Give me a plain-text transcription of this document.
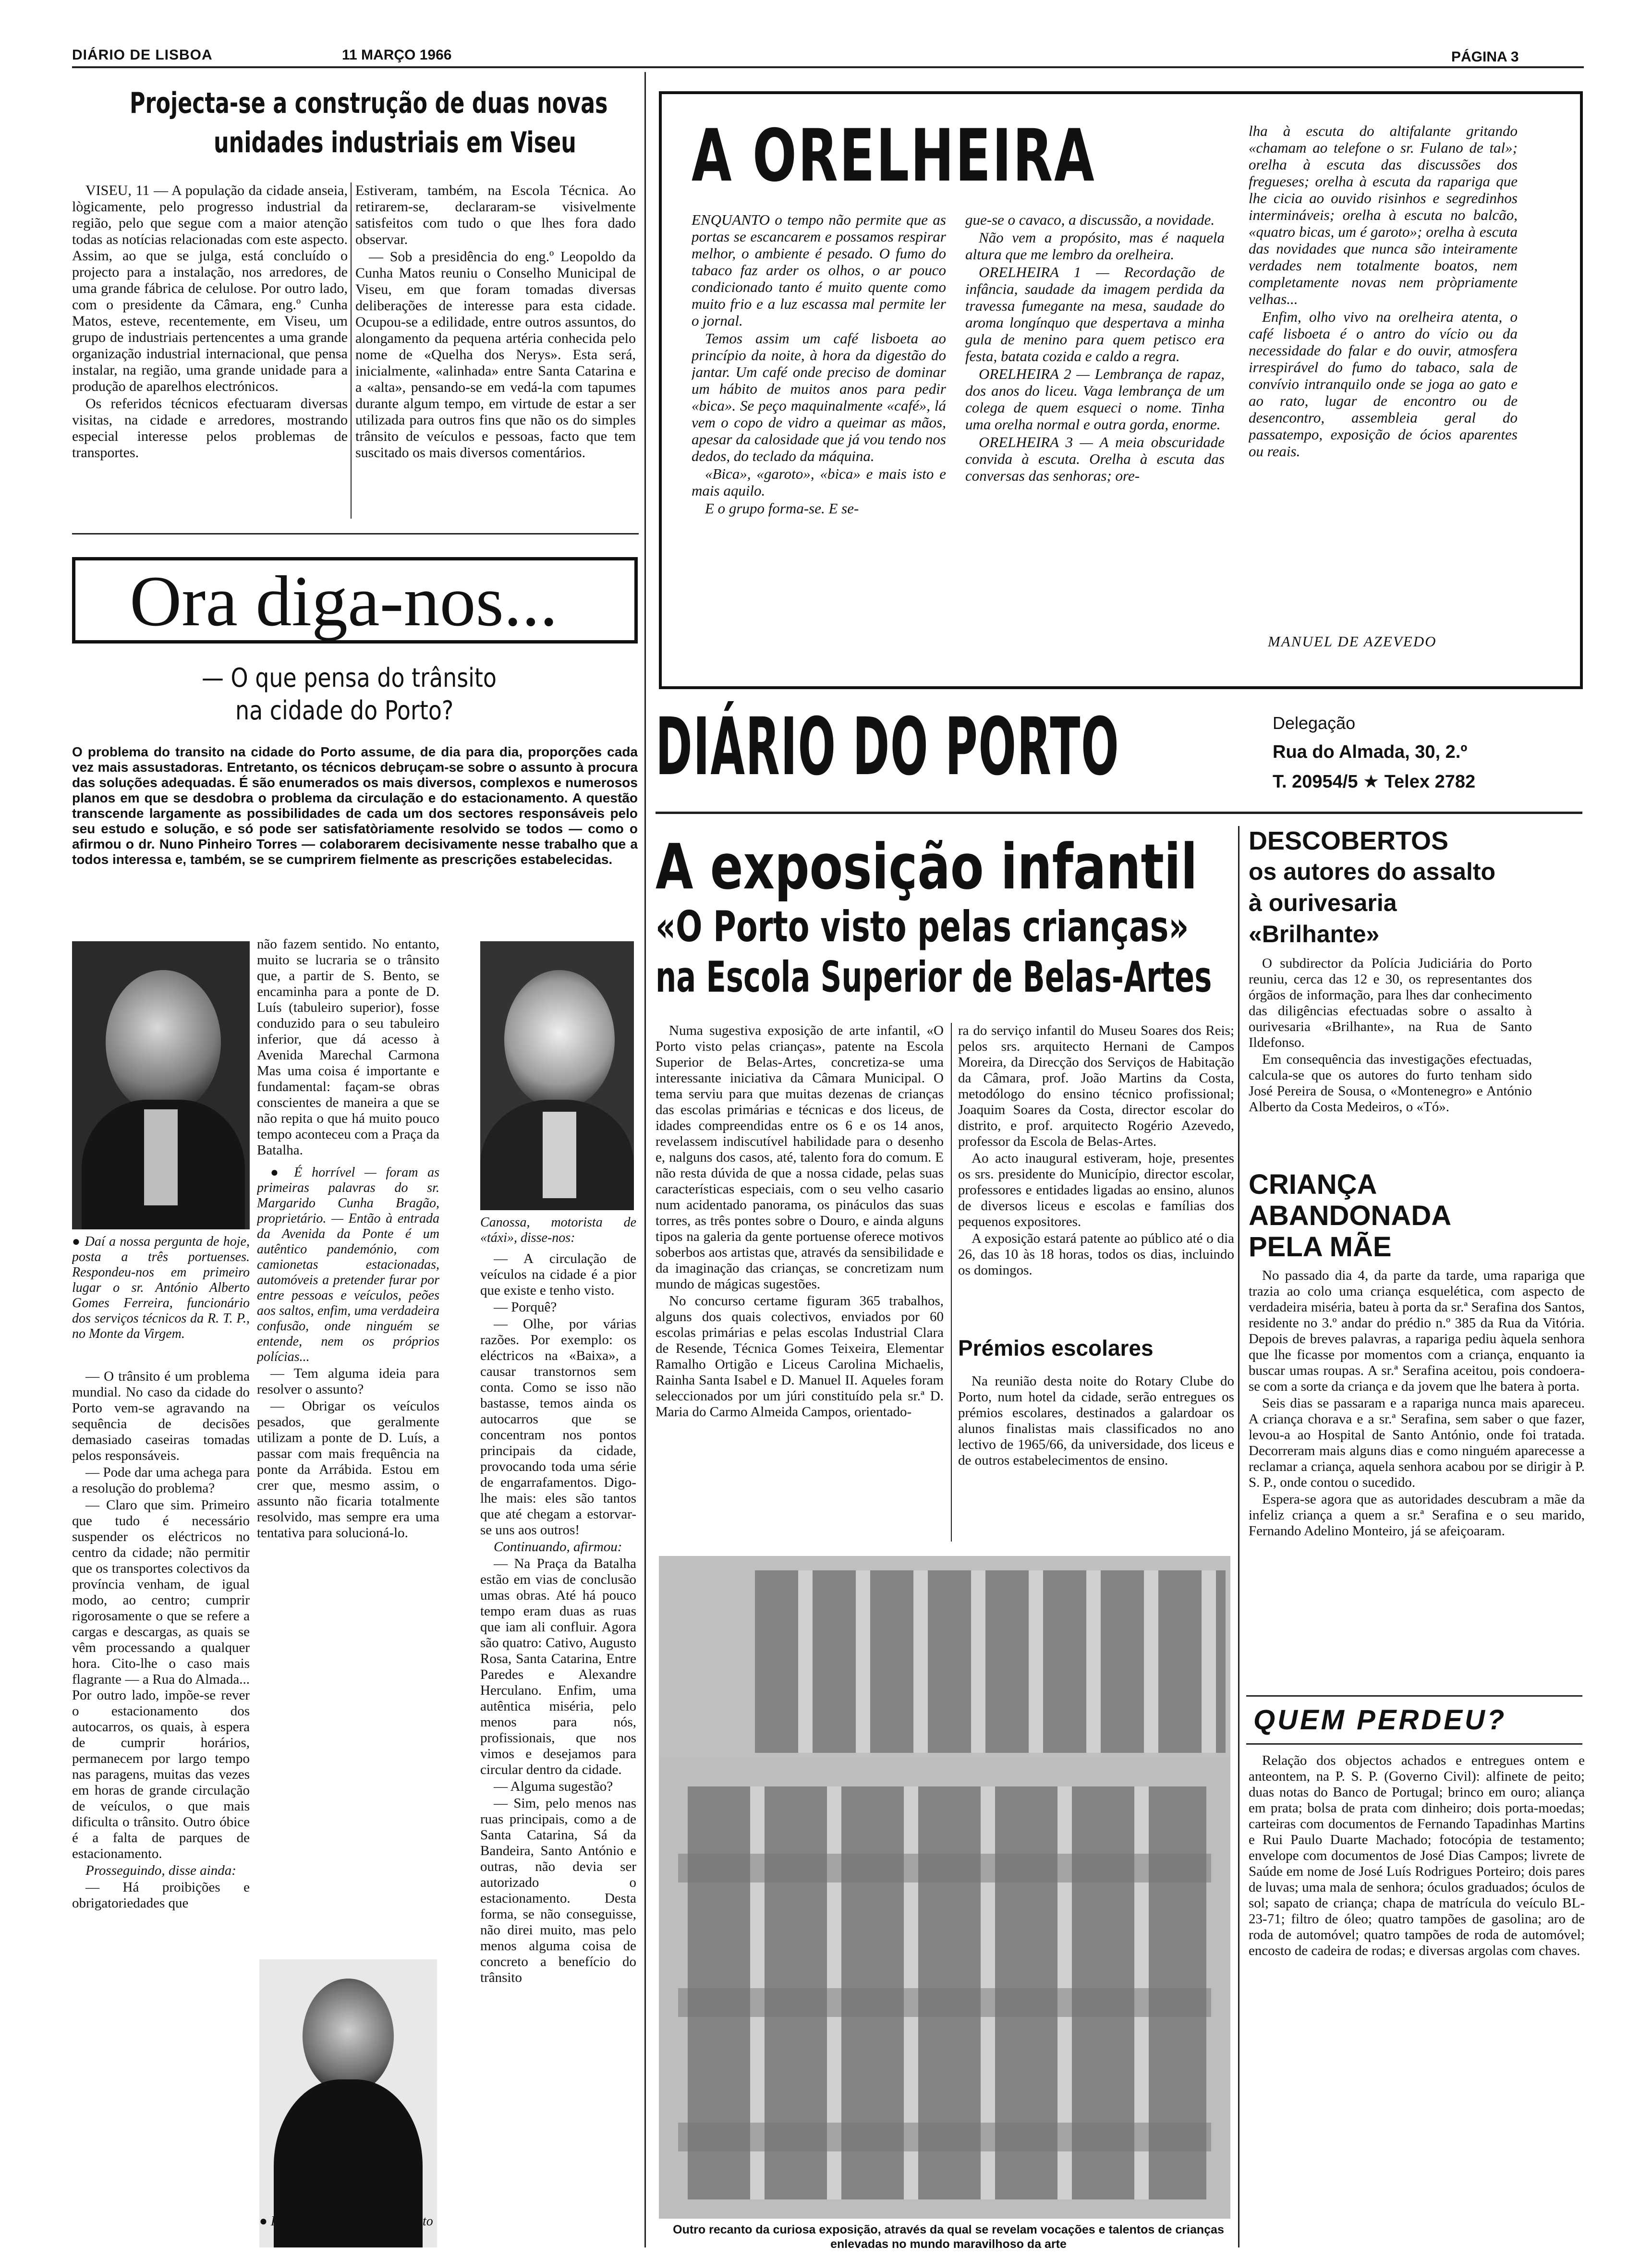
DIÁRIO DE LISBOA	11 MARÇO 1966	PÁGINA 3
Projecta-se a construção de duas novas
unidades industriais em Viseu

VISEU, 11 — A população da cidade anseia, lògicamente, pelo progresso industrial da região, pelo que segue com a maior atenção todas as notícias relacionadas com este aspecto. Assim, ao que se julga, está concluído o projecto para a instalação, nos arredores, de uma grande fábrica de celulose. Por outro lado, com o presidente da Câmara, eng.º Cunha Matos, esteve, recentemente, em Viseu, um grupo de industriais pertencentes a uma grande organização industrial internacional, que pensa instalar, na região, uma grande unidade para a produção de aparelhos electrónicos.

Os referidos técnicos efectuaram diversas visitas, na cidade e arredores, mostrando especial interesse pelos problemas de transportes.

Estiveram, também, na Escola Técnica. Ao retirarem-se, declararam-se visivelmente satisfeitos com tudo o que lhes fora dado observar.

— Sob a presidência do eng.º Leopoldo da Cunha Matos reuniu o Conselho Municipal de Viseu, em que foram tomadas diversas deliberações de interesse para esta cidade. Ocupou-se a edilidade, entre outros assuntos, do alongamento da pequena artéria conhecida pelo nome de «Quelha dos Nerys». Esta será, inicialmente, «alinhada» entre Santa Catarina e a «alta», pensando-se em vedá-la com tapumes durante algum tempo, em virtude de estar a ser utilizada para outros fins que não os do simples trânsito de veículos e pessoas, facto que tem suscitado os mais diversos comentários.

Ora diga-nos...
— O que pensa do trânsito
na cidade do Porto?
O problema do transito na cidade do Porto assume, de dia para dia, proporções cada vez mais assustadoras. Entretanto, os técnicos debruçam-se sobre o assunto à procura das soluções adequadas. É são enumerados os mais diversos, complexos e numerosos planos em que se desdobra o problema da circulação e do estacionamento. A questão transcende largamente as possibilidades de cada um dos sectores responsáveis pelo seu estudo e solução, e só pode ser satisfatòriamente resolvido se todos — como o afirmou o dr. Nuno Pinheiro Torres — colaborarem decisivamente nesse trabalho que a todos interessa e, também, se se cumprirem fielmente as prescrições estabelecidas.
● Daí a nossa pergunta de hoje, posta a três portuenses. Respondeu-nos em primeiro lugar o sr. António Alberto Gomes Ferreira, funcionário dos serviços técnicos da R. T. P., no Monte da Virgem.

— O trânsito é um problema mundial. No caso da cidade do Porto vem-se agravando na sequência de decisões demasiado caseiras tomadas pelos responsáveis.

— Pode dar uma achega para a resolução do problema?

— Claro que sim. Primeiro que tudo é necessário suspender os eléctricos no centro da cidade; não permitir que os transportes colectivos da província venham, de igual modo, ao centro; cumprir rigorosamente o que se refere a cargas e descargas, as quais se vêm processando a qualquer hora. Cito-lhe o caso mais flagrante — a Rua do Almada... Por outro lado, impõe-se rever o estacionamento dos autocarros, os quais, à espera de cumprir horários, permanecem por largo tempo nas paragens, muitas das vezes em horas de grande circulação de veículos, o que mais dificulta o trânsito. Outro óbice é a falta de parques de estacionamento.

Prosseguindo, disse ainda:

— Há proibições e obrigatoriedades que

não fazem sentido. No entanto, muito se lucraria se o trânsito que, a partir de S. Bento, se encaminha para a ponte de D. Luís (tabuleiro superior), fosse conduzido para o seu tabuleiro inferior, que dá acesso à Avenida Marechal Carmona Mas uma coisa é importante e fundamental: façam-se obras conscientes de maneira a que se não repita o que há muito pouco tempo aconteceu com a Praça da Batalha.

● É horrível — foram as primeiras palavras do sr. Margarido Cunha Bragão, proprietário. — Então à entrada da Avenida da Ponte é um autêntico pandemónio, com camionetas estacionadas, automóveis a pretender furar por entre pessoas e veículos, peões aos saltos, enfim, uma verdadeira confusão, onde ninguém se entende, nem os próprios polícias...

— Tem alguma ideia para resolver o assunto?

— Obrigar os veículos pesados, que geralmente utilizam a ponte de D. Luís, a passar com mais frequência na ponte da Arrábida. Estou em crer que, mesmo assim, o assunto não ficaria totalmente resolvido, mas sempre era uma tentativa para solucioná-lo.

Canossa, motorista de «táxi», disse-nos:

— A circulação de veículos na cidade é a pior que existe e tenho visto.

— Porquê?

— Olhe, por várias razões. Por exemplo: os eléctricos na «Baixa», a causar transtornos sem conta. Como se isso não bastasse, temos ainda os autocarros que se concentram nos pontos principais da cidade, provocando toda uma série de engarrafamentos. Digo-lhe mais: eles são tantos que até chegam a estorvar-se uns aos outros!

Continuando, afirmou:

— Na Praça da Batalha estão em vias de conclusão umas obras. Até há pouco tempo eram duas as ruas que iam ali confluir. Agora são quatro: Cativo, Augusto Rosa, Santa Catarina, Entre Paredes e Alexandre Herculano. Enfim, uma autêntica miséria, pelo menos para nós, profissionais, que nos vimos e desejamos para circular dentro da cidade.

— Alguma sugestão?

— Sim, pelo menos nas ruas principais, como a de Santa Catarina, Sá da Bandeira, Santo António e outras, não devia ser autorizado o estacionamento. Desta forma, se não conseguisse, não direi muito, mas pelo menos alguma coisa de concreto a benefício do trânsito

● Por fim, o sr. Rolando Alberto
A ORELHEIRA

ENQUANTO o tempo não permite que as portas se escancarem e possamos respirar melhor, o ambiente é pesado. O fumo do tabaco faz arder os olhos, o ar pouco condicionado tanto é muito quente como muito frio e a luz escassa mal permite ler o jornal.

Temos assim um café lisboeta ao princípio da noite, à hora da digestão do jantar. Um café onde preciso de dominar um hábito de muitos anos para pedir «bica». Se peço maquinalmente «café», lá vem o copo de vidro a queimar as mãos, apesar da calosidade que já vou tendo nos dedos, do teclado da máquina.

«Bica», «garoto», «bica» e mais isto e mais aquilo.

E o grupo forma-se. E se-

gue-se o cavaco, a discussão, a novidade.

Não vem a propósito, mas é naquela altura que me lembro da orelheira.

ORELHEIRA 1 — Recordação de infância, saudade da imagem perdida da travessa fumegante na mesa, saudade do aroma longínquo que despertava a minha gula de menino para quem petisco era festa, batata cozida e caldo a regra.

ORELHEIRA 2 — Lembrança de rapaz, dos anos do liceu. Vaga lembrança de um colega de quem esqueci o nome. Tinha uma orelha normal e outra gorda, enorme.

ORELHEIRA 3 — A meia obscuridade convida à escuta. Orelha à escuta das conversas das senhoras; ore-

lha à escuta do altifalante gritando «chamam ao telefone o sr. Fulano de tal»; orelha à escuta das discussões dos fregueses; orelha à escuta da rapariga que lhe cicia ao ouvido risinhos e segredinhos intermináveis; orelha à escuta no balcão, «quatro bicas, um é garoto»; orelha à escuta das novidades que nunca são inteiramente verdades nem totalmente boatos, nem completamente novas nem pròpriamente velhas...

Enfim, olho vivo na orelheira atenta, o café lisboeta é o antro do vício ou da necessidade do falar e do ouvir, atmosfera irrespirável do fumo do tabaco, sala de convívio intranquilo onde se joga ao gato e ao rato, lugar de encontro ou de desencontro, assembleia geral do passatempo, exposição de ócios aparentes ou reais.

MANUEL DE AZEVEDO
DIÁRIO DO PORTO	Delegação
Rua do Almada, 30, 2.º
T. 20954/5 ★ Telex 2782
A exposição infantil
«O Porto visto pelas crianças»
na Escola Superior de Belas-Artes

Numa sugestiva exposição de arte infantil, «O Porto visto pelas crianças», patente na Escola Superior de Belas-Artes, concretiza-se uma interessante iniciativa da Câmara Municipal. O tema serviu para que muitas dezenas de crianças das escolas primárias e técnicas e dos liceus, de idades compreendidas entre os 6 e os 14 anos, revelassem indiscutível habilidade para o desenho e, nalguns dos casos, até, talento fora do comum. E não resta dúvida de que a nossa cidade, pelas suas características especiais, com o seu velho casario num acidentado panorama, os pináculos das suas torres, as três pontes sobre o Douro, e ainda alguns tipos na galeria da gente portuense oferece motivos soberbos aos artistas que, através da sensibilidade e da imaginação das crianças, se concretizam num mundo de mágicas sugestões.

No concurso certame figuram 365 trabalhos, alguns dos quais colectivos, enviados por 60 escolas primárias e pelas escolas Industrial Clara de Resende, Técnica Gomes Teixeira, Elementar Ramalho Ortigão e Liceus Carolina Michaelis, Rainha Santa Isabel e D. Manuel II. Aqueles foram seleccionados por um júri constituído pela sr.ª D. Maria do Carmo Almeida Campos, orientado-

ra do serviço infantil do Museu Soares dos Reis; pelos srs. arquitecto Hernani de Campos Moreira, da Direcção dos Serviços de Habitação da Câmara, prof. João Martins da Costa, metodólogo do ensino técnico profissional; Joaquim Soares da Costa, director escolar do distrito, e prof. arquitecto Rogério Azevedo, professor da Escola de Belas-Artes.

Ao acto inaugural estiveram, hoje, presentes os srs. presidente do Município, director escolar, professores e entidades ligadas ao ensino, alunos de diversos liceus e escolas e famílias dos pequenos expositores.

A exposição estará patente ao público até o dia 26, das 10 às 18 horas, todos os dias, incluindo os domingos.

Prémios escolares
Na reunião desta noite do Rotary Clube do Porto, num hotel da cidade, serão entregues os prémios escolares, destinados a galardoar os alunos finalistas mais classificados no ano lectivo de 1965/66, da universidade, dos liceus e de outros estabelecimentos de ensino.
Outro recanto da curiosa exposição, através da qual se revelam vocações e talentos de crianças enlevadas no mundo maravilhoso da arte
DESCOBERTOS
os autores do assalto
à ourivesaria
«Brilhante»

O subdirector da Polícia Judiciária do Porto reuniu, cerca das 12 e 30, os representantes dos órgãos de informação, para lhes dar conhecimento das diligências efectuadas sobre o assalto à ourivesaria «Brilhante», na Rua de Santo Ildefonso.

Em consequência das investigações efectuadas, calcula-se que os autores do furto tenham sido José Pereira de Sousa, o «Montenegro» e António Alberto da Costa Medeiros, o «Tó».

CRIANÇA
ABANDONADA
PELA MÃE

No passado dia 4, da parte da tarde, uma rapariga que trazia ao colo uma criança esquelética, com aspecto de verdadeira miséria, bateu à porta da sr.ª Serafina dos Santos, residente no 3.º andar do prédio n.º 385 da Rua da Vitória. Depois de breves palavras, a rapariga pediu àquela senhora que lhe ficasse por momentos com a criança, enquanto ia buscar umas roupas. A sr.ª Serafina aceitou, pois condoera-se com a sorte da criança e da jovem que lhe batera à porta.

Seis dias se passaram e a rapariga nunca mais apareceu. A criança chorava e a sr.ª Serafina, sem saber o que fazer, levou-a ao Hospital de Santo António, onde foi tratada. Decorreram mais alguns dias e como ninguém aparecesse a reclamar a criança, aquela senhora acabou por se dirigir à P. S. P., onde contou o sucedido.

Espera-se agora que as autoridades descubram a mãe da infeliz criança a quem a sr.ª Serafina e o seu marido, Fernando Adelino Monteiro, já se afeiçoaram.

QUEM PERDEU?
Relação dos objectos achados e entregues ontem e anteontem, na P. S. P. (Governo Civil): alfinete de peito; duas notas do Banco de Portugal; brinco em ouro; aliança em prata; bolsa de prata com dinheiro; dois porta-moedas; carteiras com documentos de Fernando Tapadinhas Martins e Rui Paulo Duarte Machado; fotocópia de testamento; envelope com documentos de José Dias Campos; livrete de Saúde em nome de José Luís Rodrigues Porteiro; dois pares de luvas; uma mala de senhora; óculos graduados; óculos de sol; sapato de criança; chapa de matrícula do veículo BL-23-71; filtro de óleo; quatro tampões de gasolina; aro de roda de automóvel; quatro tampões de roda de automóvel; encosto de cadeira de rodas; e diversas argolas com chaves.
